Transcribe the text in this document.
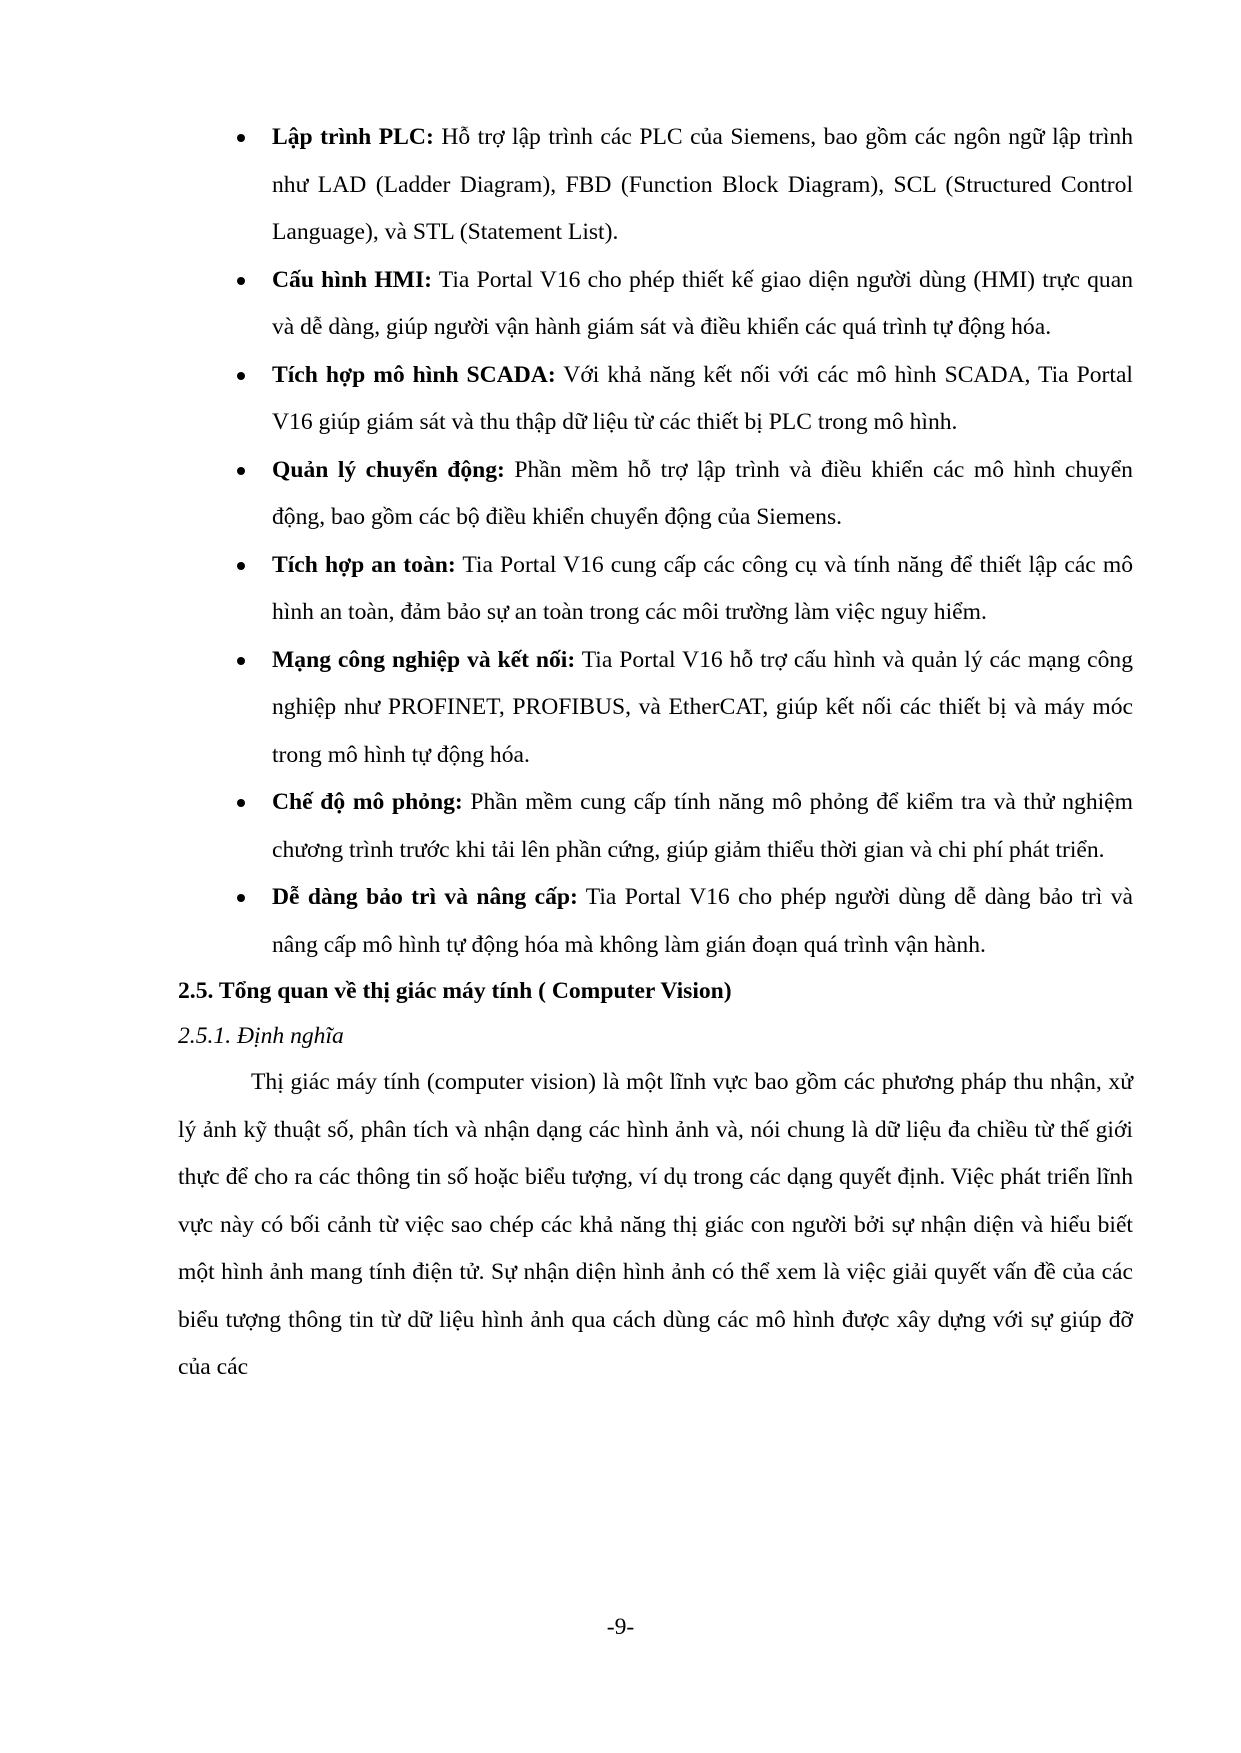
Lập trình PLC: Hỗ trợ lập trình các PLC của Siemens, bao gồm các ngôn ngữ lập trình như LAD (Ladder Diagram), FBD (Function Block Diagram), SCL (Structured Control Language), và STL (Statement List).
Cấu hình HMI: Tia Portal V16 cho phép thiết kế giao diện người dùng (HMI) trực quan và dễ dàng, giúp người vận hành giám sát và điều khiển các quá trình tự động hóa.
Tích hợp mô hình SCADA: Với khả năng kết nối với các mô hình SCADA, Tia Portal V16 giúp giám sát và thu thập dữ liệu từ các thiết bị PLC trong mô hình.
Quản lý chuyển động: Phần mềm hỗ trợ lập trình và điều khiển các mô hình chuyển động, bao gồm các bộ điều khiển chuyển động của Siemens.
Tích hợp an toàn: Tia Portal V16 cung cấp các công cụ và tính năng để thiết lập các mô hình an toàn, đảm bảo sự an toàn trong các môi trường làm việc nguy hiểm.
Mạng công nghiệp và kết nối: Tia Portal V16 hỗ trợ cấu hình và quản lý các mạng công nghiệp như PROFINET, PROFIBUS, và EtherCAT, giúp kết nối các thiết bị và máy móc trong mô hình tự động hóa.
Chế độ mô phỏng: Phần mềm cung cấp tính năng mô phỏng để kiểm tra và thử nghiệm chương trình trước khi tải lên phần cứng, giúp giảm thiểu thời gian và chi phí phát triển.
Dễ dàng bảo trì và nâng cấp: Tia Portal V16 cho phép người dùng dễ dàng bảo trì và nâng cấp mô hình tự động hóa mà không làm gián đoạn quá trình vận hành.
2.5. Tổng quan về thị giác máy tính ( Computer Vision)
2.5.1. Định nghĩa

Thị giác máy tính (computer vision) là một lĩnh vực bao gồm các phương pháp thu nhận, xử lý ảnh kỹ thuật số, phân tích và nhận dạng các hình ảnh và, nói chung là dữ liệu đa chiều từ thế giới thực để cho ra các thông tin số hoặc biểu tượng, ví dụ trong các dạng quyết định. Việc phát triển lĩnh vực này có bối cảnh từ việc sao chép các khả năng thị giác con người bởi sự nhận diện và hiểu biết một hình ảnh mang tính điện tử. Sự nhận diện hình ảnh có thể xem là việc giải quyết vấn đề của các biểu tượng thông tin từ dữ liệu hình ảnh qua cách dùng các mô hình được xây dựng với sự giúp đỡ của các

-9-
